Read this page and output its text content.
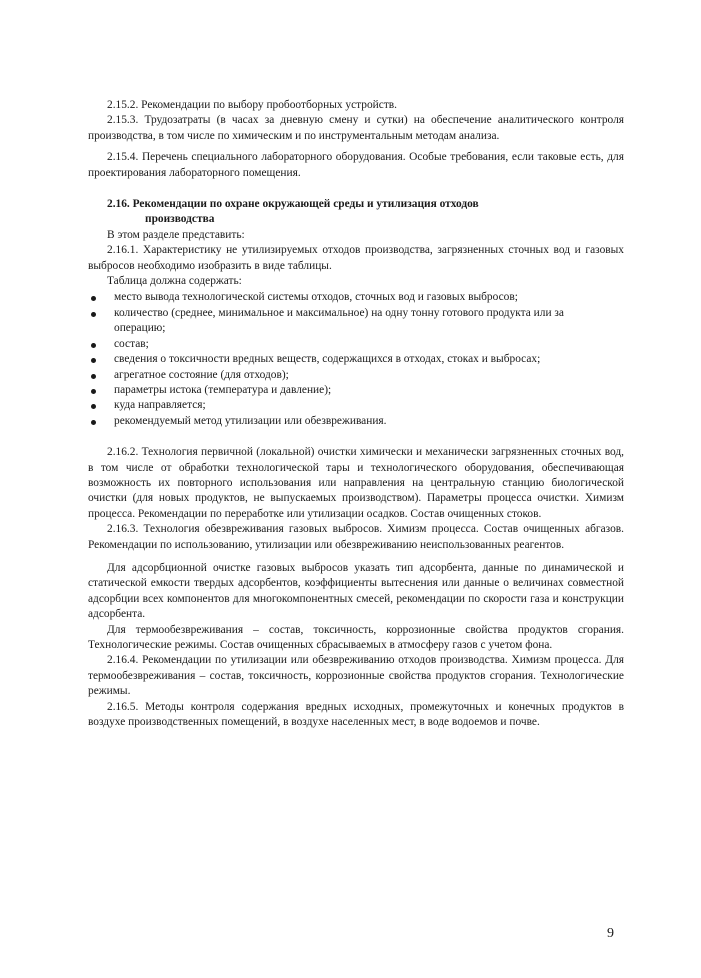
2.15.2. Рекомендации по выбору пробоотборных устройств.

2.15.3. Трудозатраты (в часах за дневную смену и сутки) на обеспечение аналитического контроля производства, в том числе по химическим и по инструментальным методам анализа.

2.15.4. Перечень специального лабораторного оборудования. Особые требования, если таковые есть, для проектирования лабораторного помещения.

2.16. Рекомендации по охране окружающей среды и утилизация отходов
производства

В этом разделе представить:

2.16.1. Характеристику не утилизируемых отходов производства, загрязненных сточных вод и газовых выбросов необходимо изобразить в виде таблицы.

Таблица должна содержать:

место вывода технологической системы отходов, сточных вод и газовых выбросов;
количество (среднее, минимальное и максимальное) на одну тонну готового продукта или за операцию;
состав;
сведения о токсичности вредных веществ, содержащихся в отходах, стоках и выбросах;
агрегатное состояние (для отходов);
параметры истока (температура и давление);
куда направляется;
рекомендуемый метод утилизации или обезвреживания.

2.16.2. Технология первичной (локальной) очистки химически и механически загрязненных сточных вод, в том числе от обработки технологической тары и технологического оборудования, обеспечивающая возможность их повторного использования или направления на центральную станцию биологической очистки (для новых продуктов, не выпускаемых производством). Параметры процесса очистки. Химизм процесса. Рекомендации по переработке или утилизации осадков. Состав очищенных стоков.

2.16.3. Технология обезвреживания газовых выбросов. Химизм процесса. Состав очищенных абгазов. Рекомендации по использованию, утилизации или обезвреживанию неиспользованных реагентов.

Для адсорбционной очистке газовых выбросов указать тип адсорбента, данные по динамической и статической емкости твердых адсорбентов, коэффициенты вытеснения или данные о величинах совместной адсорбции всех компонентов для многокомпонентных смесей, рекомендации по скорости газа и конструкции адсорбента.

Для термообезвреживания – состав, токсичность, коррозионные свойства продуктов сгорания. Технологические режимы. Состав очищенных сбрасываемых в атмосферу газов с учетом фона.

2.16.4. Рекомендации по утилизации или обезвреживанию отходов производства. Химизм процесса. Для термообезвреживания – состав, токсичность, коррозионные свойства продуктов сгорания. Технологические режимы.

2.16.5. Методы контроля содержания вредных исходных, промежуточных и конечных продуктов в воздухе производственных помещений, в воздухе населенных мест, в воде водоемов и почве.

9
